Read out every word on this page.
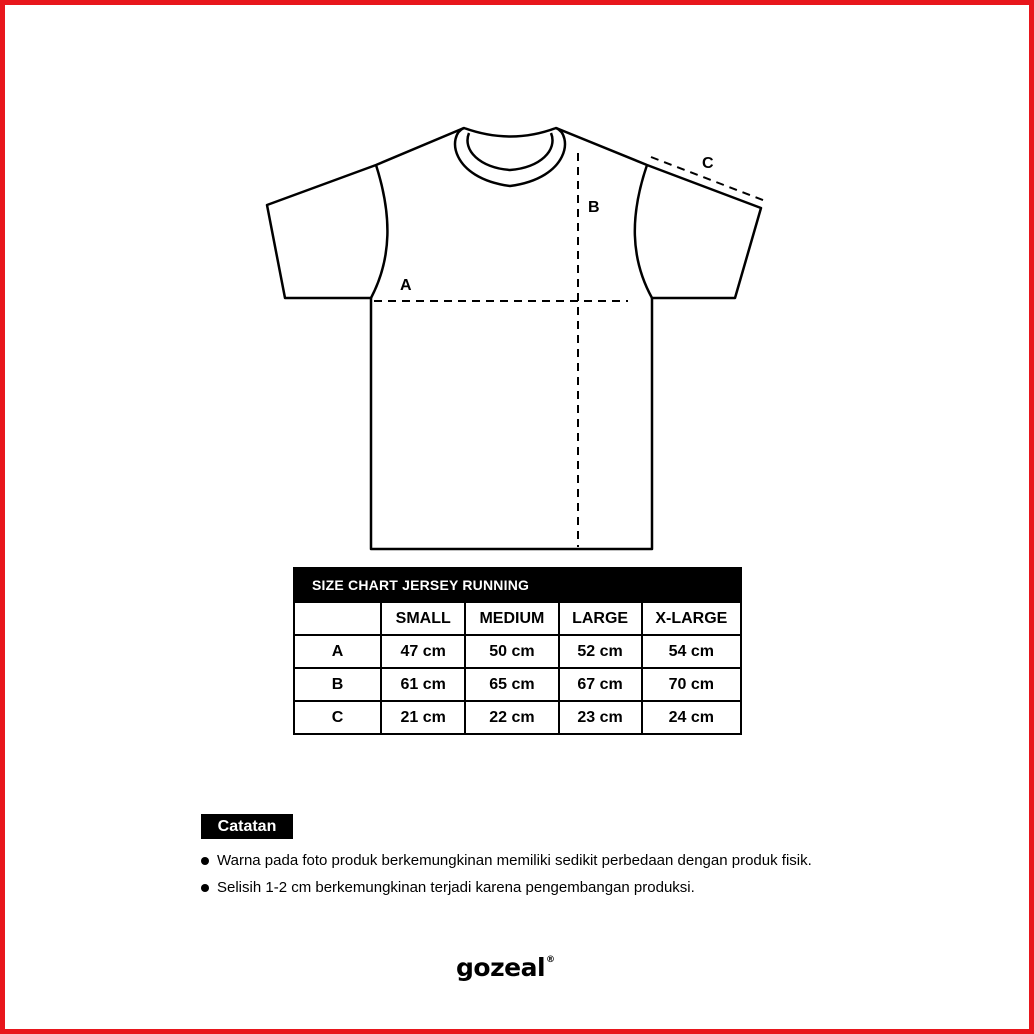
A
B
C
SIZE CHART JERSEY RUNNING				
	SMALL	MEDIUM	LARGE	X-LARGE
A	47 cm	50 cm	52 cm	54 cm
B	61 cm	65 cm	67 cm	70 cm
C	21 cm	22 cm	23 cm	24 cm
Catatan
Warna pada foto produk berkemungkinan memiliki sedikit perbedaan dengan produk fisik.
Selisih 1-2 cm berkemungkinan terjadi karena pengembangan produksi.
gozeal®
